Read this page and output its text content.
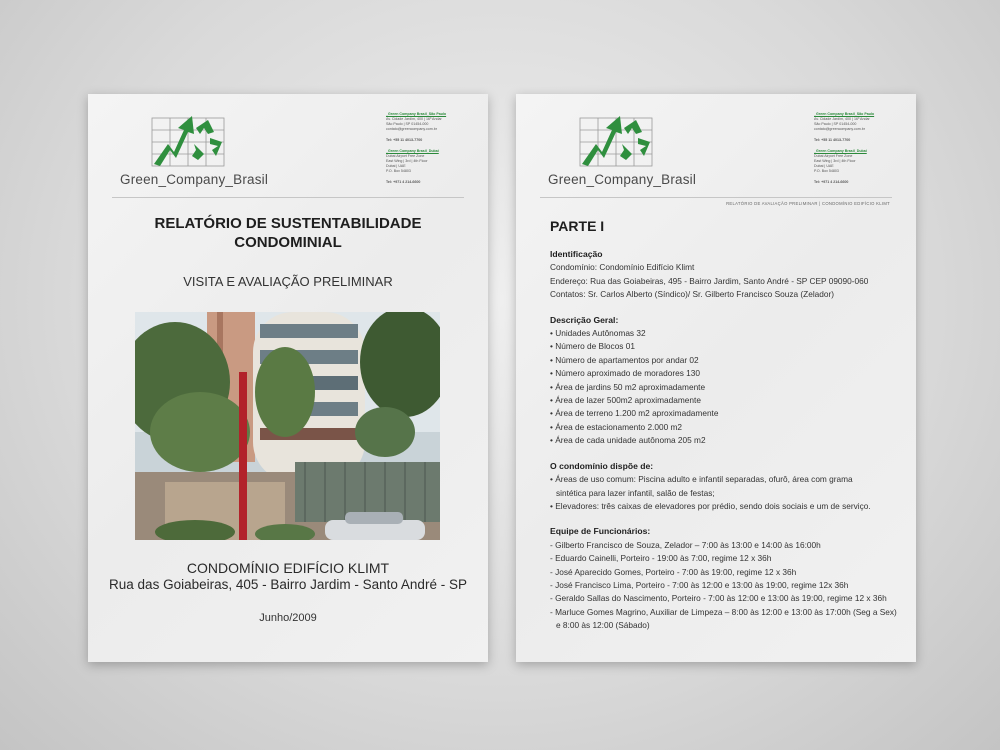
Green_Company_Brasil
_Green Company Brasil_São Paulo
Av. Cidade Jardim, 400 | 16º Andar
São Paulo | SP 01454-000
contato@greencompany.com.br
Tel: +55 11 4013-7700
_Green Company Brasil_Dubai
Dubai Airport Free Zone
East Wing | 3rd | 4th Floor
Dubai | UAE
P.O. Box 54803
Tel: +971 4 214-6600
RELATÓRIO DE SUSTENTABILIDADE
CONDOMINIAL
VISITA E AVALIAÇÃO PRELIMINAR
CONDOMÍNIO EDIFÍCIO KLIMT
Rua das Goiabeiras, 405 - Bairro Jardim - Santo André - SP
Junho/2009
Green_Company_Brasil
_Green Company Brasil_São Paulo
Av. Cidade Jardim, 400 | 16º Andar
São Paulo | SP 01454-000
contato@greencompany.com.br
Tel: +55 11 4013-7700
_Green Company Brasil_Dubai
Dubai Airport Free Zone
East Wing | 3rd | 4th Floor
Dubai | UAE
P.O. Box 54803
Tel: +971 4 214-6600
RELATÓRIO DE AVALIAÇÃO PRELIMINAR | CONDOMÍNIO EDIFÍCIO KLIMT
PARTE I
Identificação

Condomínio: Condomínio Edifício Klimt

Endereço: Rua das Goiabeiras, 495 - Bairro Jardim, Santo André - SP CEP 09090-060

Contatos: Sr. Carlos Alberto (Síndico)/ Sr. Gilberto Francisco Souza (Zelador)

Descrição Geral:
• Unidades Autônomas 32
• Número de Blocos 01
• Número de apartamentos por andar 02
• Número aproximado de moradores 130
• Área de jardins 50 m2 aproximadamente
• Área de lazer 500m2 aproximadamente
• Área de terreno 1.200 m2 aproximadamente
• Área de estacionamento 2.000 m2
• Área de cada unidade autônoma 205 m2
O condomínio dispõe de:

• Áreas de uso comum: Piscina adulto e infantil separadas, ofurô, área com grama

sintética para lazer infantil, salão de festas;

• Elevadores: três caixas de elevadores por prédio, sendo dois sociais e um de serviço.

Equipe de Funcionários:
- Gilberto Francisco de Souza, Zelador – 7:00 às 13:00 e 14:00 às 16:00h
- Eduardo Cainelli, Porteiro - 19:00 às 7:00, regime 12 x 36h
- José Aparecido Gomes, Porteiro - 7:00 às 19:00, regime 12 x 36h
- José Francisco Lima, Porteiro - 7:00 às 12:00 e 13:00 às 19:00, regime 12x 36h
- Geraldo Sallas do Nascimento, Porteiro - 7:00 às 12:00 e 13:00 às 19:00, regime 12 x 36h
- Marluce Gomes Magrino, Auxiliar de Limpeza – 8:00 às 12:00 e 13:00 às 17:00h (Seg a Sex)

e 8:00 às 12:00 (Sábado)
